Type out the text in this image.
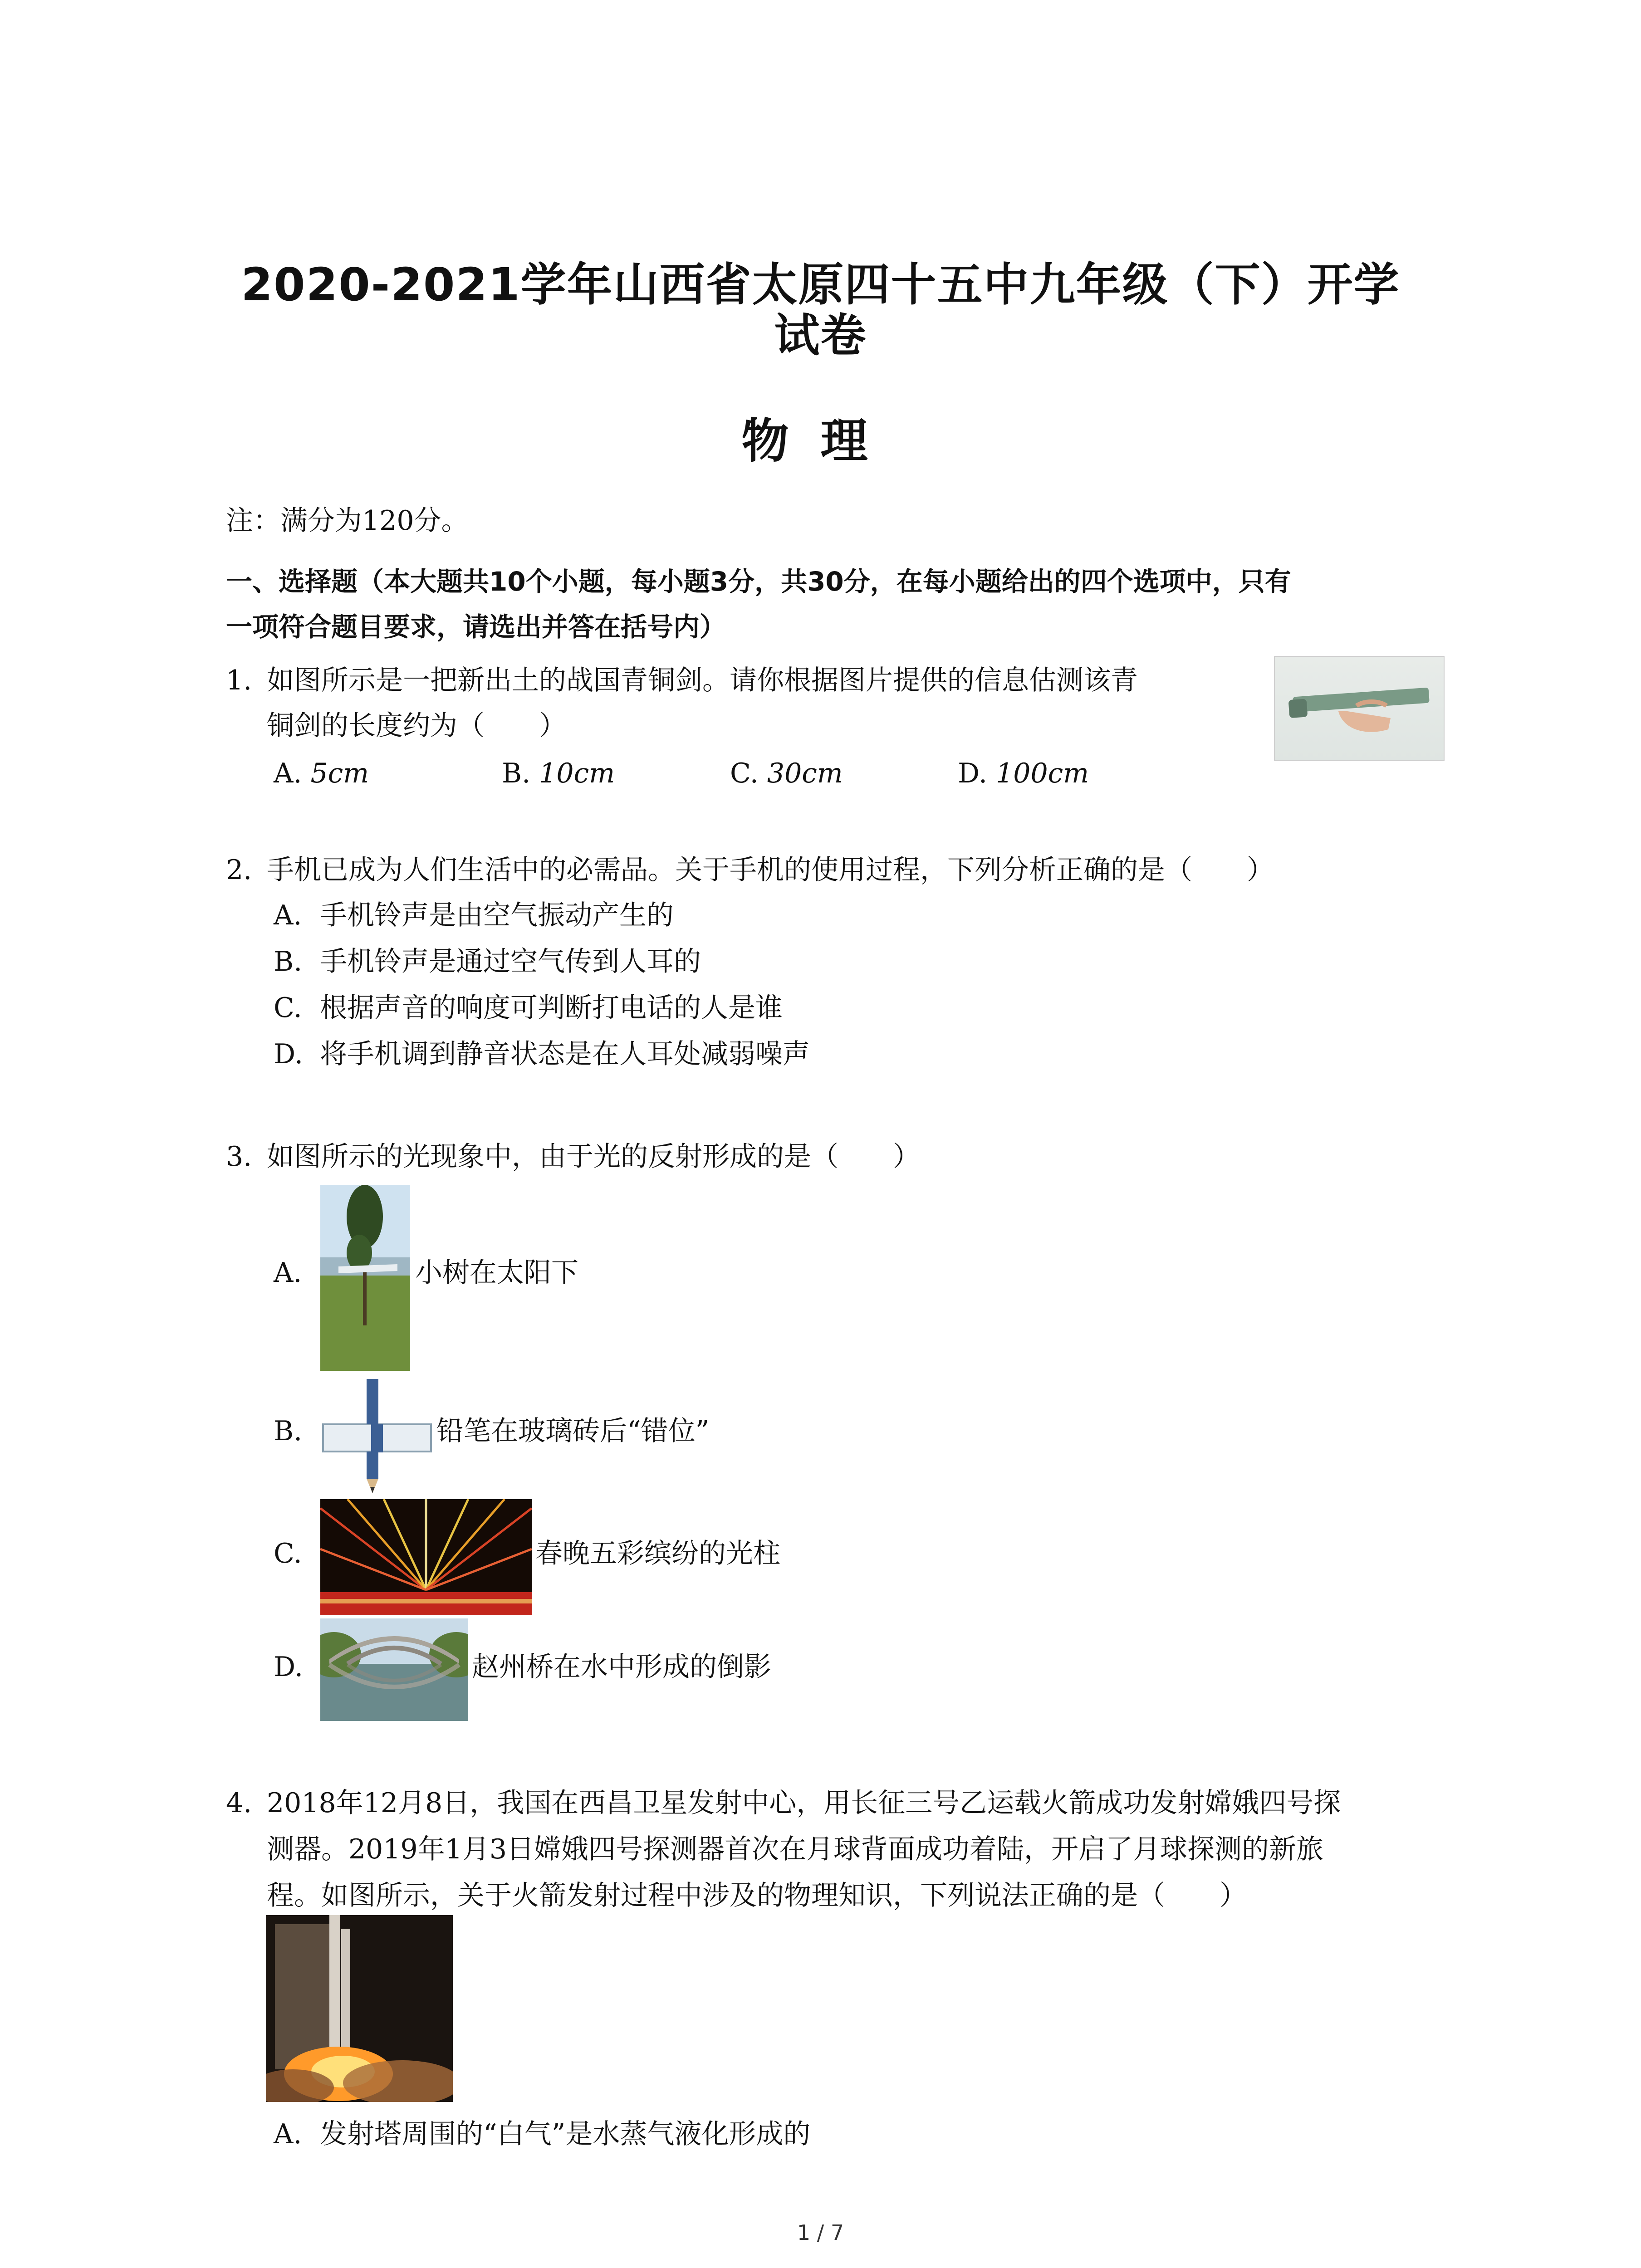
2020-2021学年山西省太原四十五中九年级（下）开学
试卷
物理
注：满分为120分。
一、选择题（本大题共10个小题，每小题3分，共30分，在每小题给出的四个选项中，只有
一项符合题目要求，请选出并答在括号内）
1. 如图所示是一把新出土的战国青铜剑。请你根据图片提供的信息估测该青
铜剑的长度约为（　　）
A. 5cm	B. 10cm	C. 30cm	D. 100cm
2. 手机已成为人们生活中的必需品。关于手机的使用过程，下列分析正确的是（　　）
A. 手机铃声是由空气振动产生的
B. 手机铃声是通过空气传到人耳的
C. 根据声音的响度可判断打电话的人是谁
D. 将手机调到静音状态是在人耳处减弱噪声
3. 如图所示的光现象中，由于光的反射形成的是（　　）
A.	小树在太阳下
B.	铅笔在玻璃砖后“错位”
C.	春晚五彩缤纷的光柱
D.	赵州桥在水中形成的倒影
4. 2018年12月8日，我国在西昌卫星发射中心，用长征三号乙运载火箭成功发射嫦娥四号探
测器。2019年1月3日嫦娥四号探测器首次在月球背面成功着陆，开启了月球探测的新旅
程。如图所示，关于火箭发射过程中涉及的物理知识，下列说法正确的是（　　）
A. 发射塔周围的“白气”是水蒸气液化形成的
1 / 7
